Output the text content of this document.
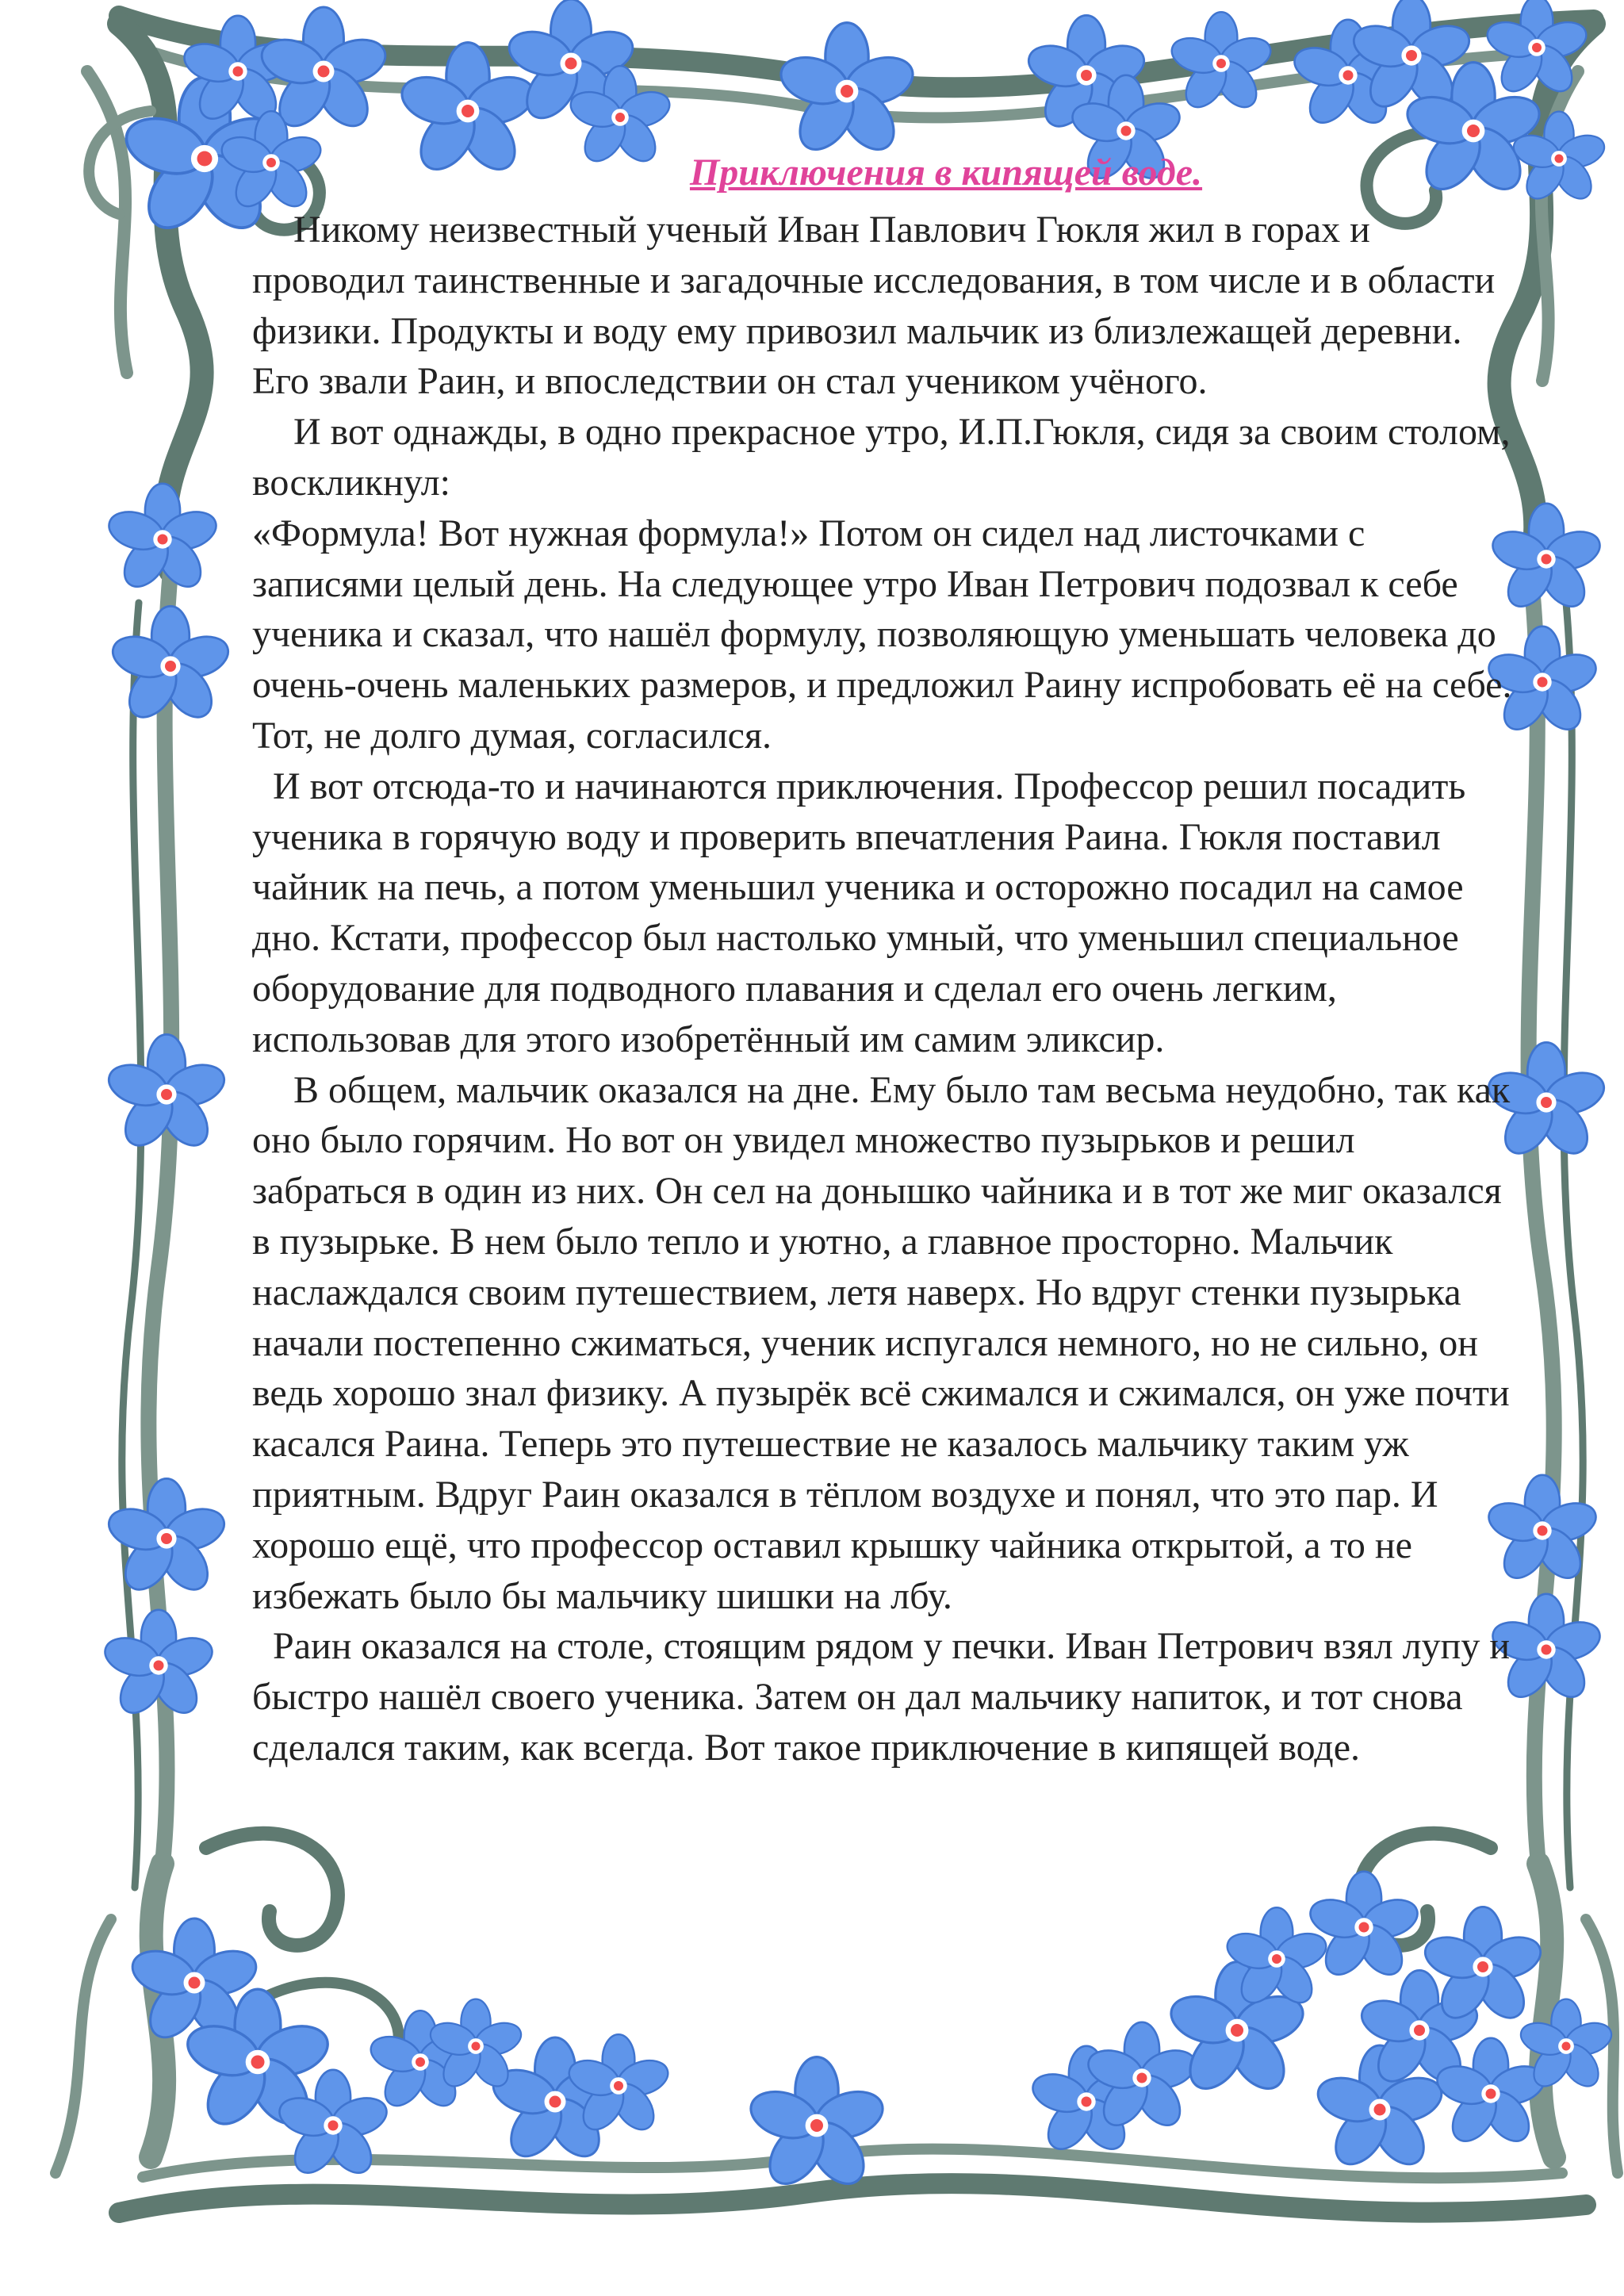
Приключения в кипящей воде.

Никому неизвестный ученый Иван Павлович Гюкля жил в горах и проводил таинственные и загадочные исследования, в том числе и в области физики. Продукты и воду ему привозил мальчик из близлежащей деревни. Его звали Раин, и впоследствии он стал учеником учёного.

И вот однажды, в одно прекрасное утро, И.П.Гюкля, сидя за своим столом, воскликнул:

«Формула! Вот нужная формула!» Потом он сидел над листочками с записями целый день. На следующее утро Иван Петрович подозвал к себе ученика и сказал, что нашёл формулу, позволяющую уменьшать человека до очень-очень маленьких размеров, и предложил Раину испробовать её на себе. Тот, не долго думая, согласился.

И вот отсюда-то и начинаются приключения. Профессор решил посадить ученика в горячую воду и проверить впечатления Раина. Гюкля поставил чайник на печь, а потом уменьшил ученика и осторожно посадил на самое дно. Кстати, профессор был настолько умный, что уменьшил специальное оборудование для подводного плавания и сделал его очень легким, использовав для этого изобретённый им самим эликсир.

В общем, мальчик оказался на дне. Ему было там весьма неудобно, так как оно было горячим. Но вот он увидел множество пузырьков и решил забраться в один из них. Он сел на донышко чайника и в тот же миг оказался в пузырьке. В нем было тепло и уютно, а главное просторно. Мальчик наслаждался своим путешествием, летя наверх. Но вдруг стенки пузырька начали постепенно сжиматься, ученик испугался немного, но не сильно, он ведь хорошо знал физику. А пузырёк всё сжимался и сжимался, он уже почти касался Раина. Теперь это путешествие не казалось мальчику таким уж приятным. Вдруг Раин оказался в тёплом воздухе и понял, что это пар. И хорошо ещё, что профессор оставил крышку чайника открытой, а то не избежать было бы мальчику шишки на лбу.

Раин оказался на столе, стоящим рядом у печки. Иван Петрович взял лупу и быстро нашёл своего ученика. Затем он дал мальчику напиток, и тот снова сделался таким, как всегда. Вот такое приключение в кипящей воде.
